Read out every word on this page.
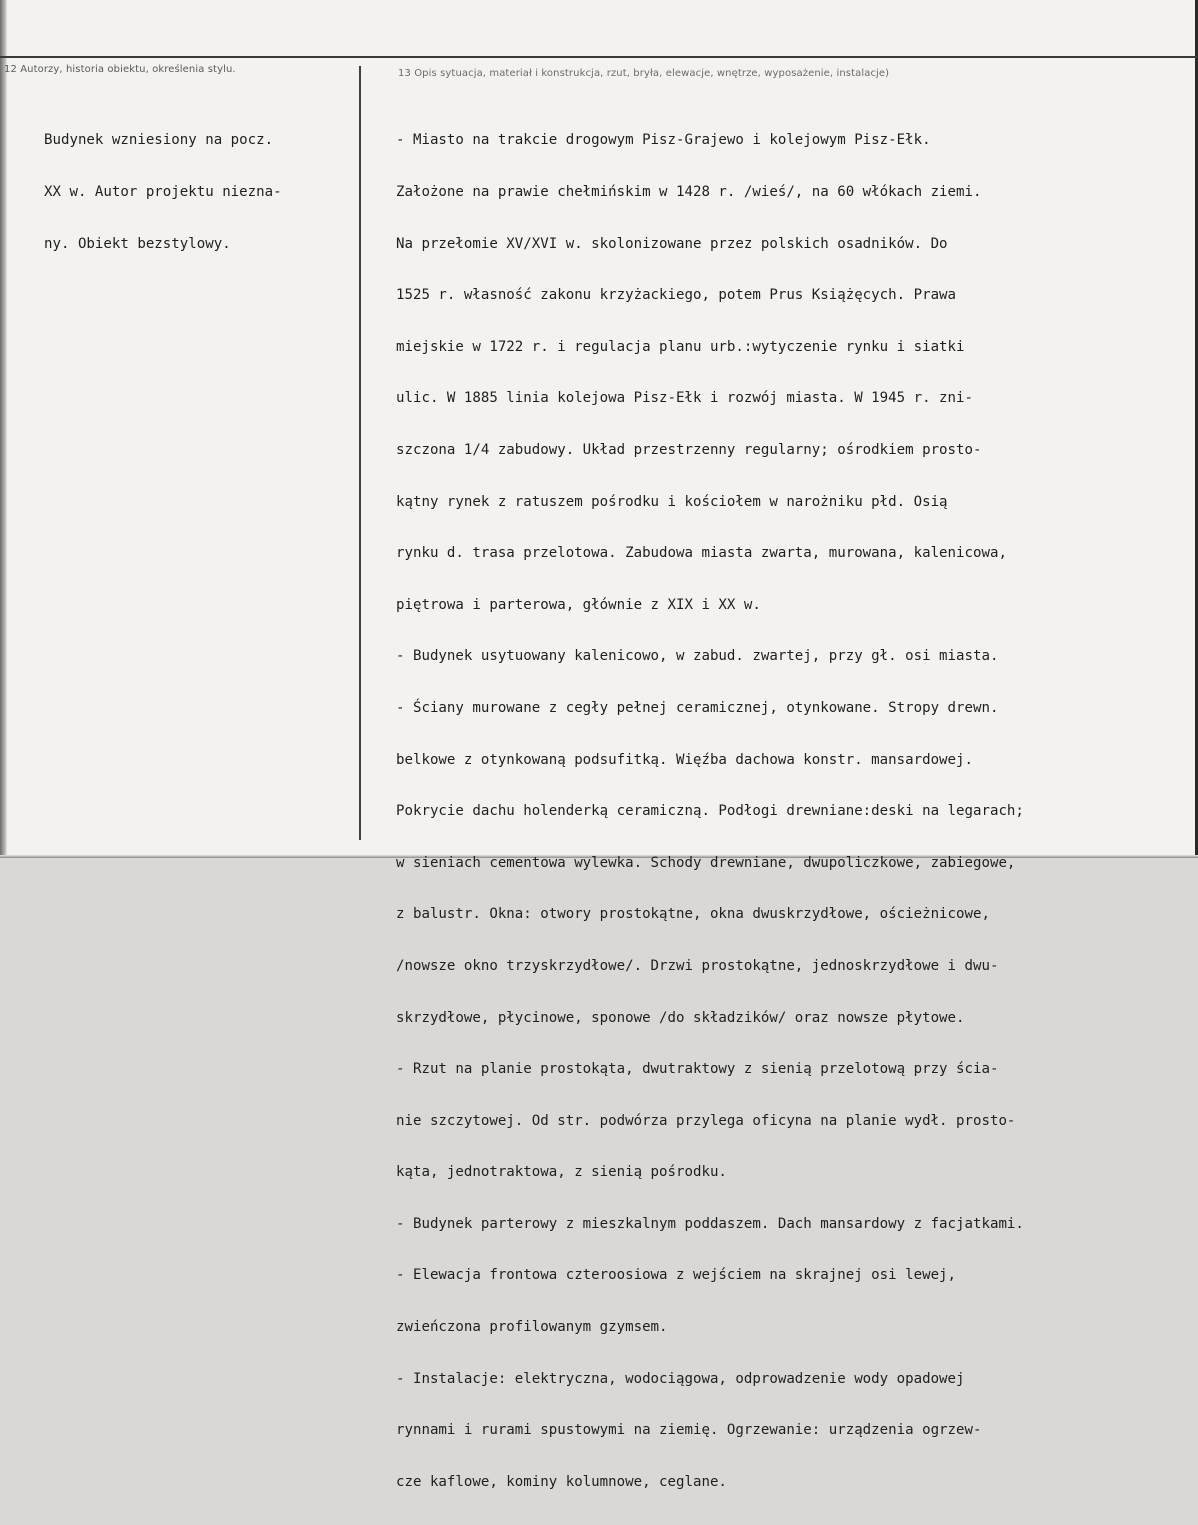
12 Autorzy, historia obiektu, określenia stylu.	13 Opis sytuacja, materiał i konstrukcja, rzut, bryła, elewacje, wnętrze, wyposażenie, instalacje)

Budynek wzniesiony na pocz.

XX w. Autor projektu niezna-

ny. Obiekt bezstylowy.

- Miasto na trakcie drogowym Pisz-Grajewo i kolejowym Pisz-Ełk.

Założone na prawie chełmińskim w 1428 r. /wieś/, na 60 włókach ziemi.

Na przełomie XV/XVI w. skolonizowane przez polskich osadników. Do

1525 r. własność zakonu krzyżackiego, potem Prus Książęcych. Prawa

miejskie w 1722 r. i regulacja planu urb.:wytyczenie rynku i siatki

ulic. W 1885 linia kolejowa Pisz-Ełk i rozwój miasta. W 1945 r. zni-

szczona 1/4 zabudowy. Układ przestrzenny regularny; ośrodkiem prosto-

kątny rynek z ratuszem pośrodku i kościołem w narożniku płd. Osią

rynku d. trasa przelotowa. Zabudowa miasta zwarta, murowana, kalenicowa,

piętrowa i parterowa, głównie z XIX i XX w.

- Budynek usytuowany kalenicowo, w zabud. zwartej, przy gł. osi miasta.

- Ściany murowane z cegły pełnej ceramicznej, otynkowane. Stropy drewn.

belkowe z otynkowaną podsufitką. Więźba dachowa konstr. mansardowej.

Pokrycie dachu holenderką ceramiczną. Podłogi drewniane:deski na legarach;

w sieniach cementowa wylewka. Schody drewniane, dwupoliczkowe, zabiegowe,

z balustr. Okna: otwory prostokątne, okna dwuskrzydłowe, ościeżnicowe,

/nowsze okno trzyskrzydłowe/. Drzwi prostokątne, jednoskrzydłowe i dwu-

skrzydłowe, płycinowe, sponowe /do składzików/ oraz nowsze płytowe.

- Rzut na planie prostokąta, dwutraktowy z sienią przelotową przy ścia-

nie szczytowej. Od str. podwórza przylega oficyna na planie wydł. prosto-

kąta, jednotraktowa, z sienią pośrodku.

- Budynek parterowy z mieszkalnym poddaszem. Dach mansardowy z facjatkami.

- Elewacja frontowa czteroosiowa z wejściem na skrajnej osi lewej,

zwieńczona profilowanym gzymsem.

- Instalacje: elektryczna, wodociągowa, odprowadzenie wody opadowej

rynnami i rurami spustowymi na ziemię. Ogrzewanie: urządzenia ogrzew-

cze kaflowe, kominy kolumnowe, ceglane.
